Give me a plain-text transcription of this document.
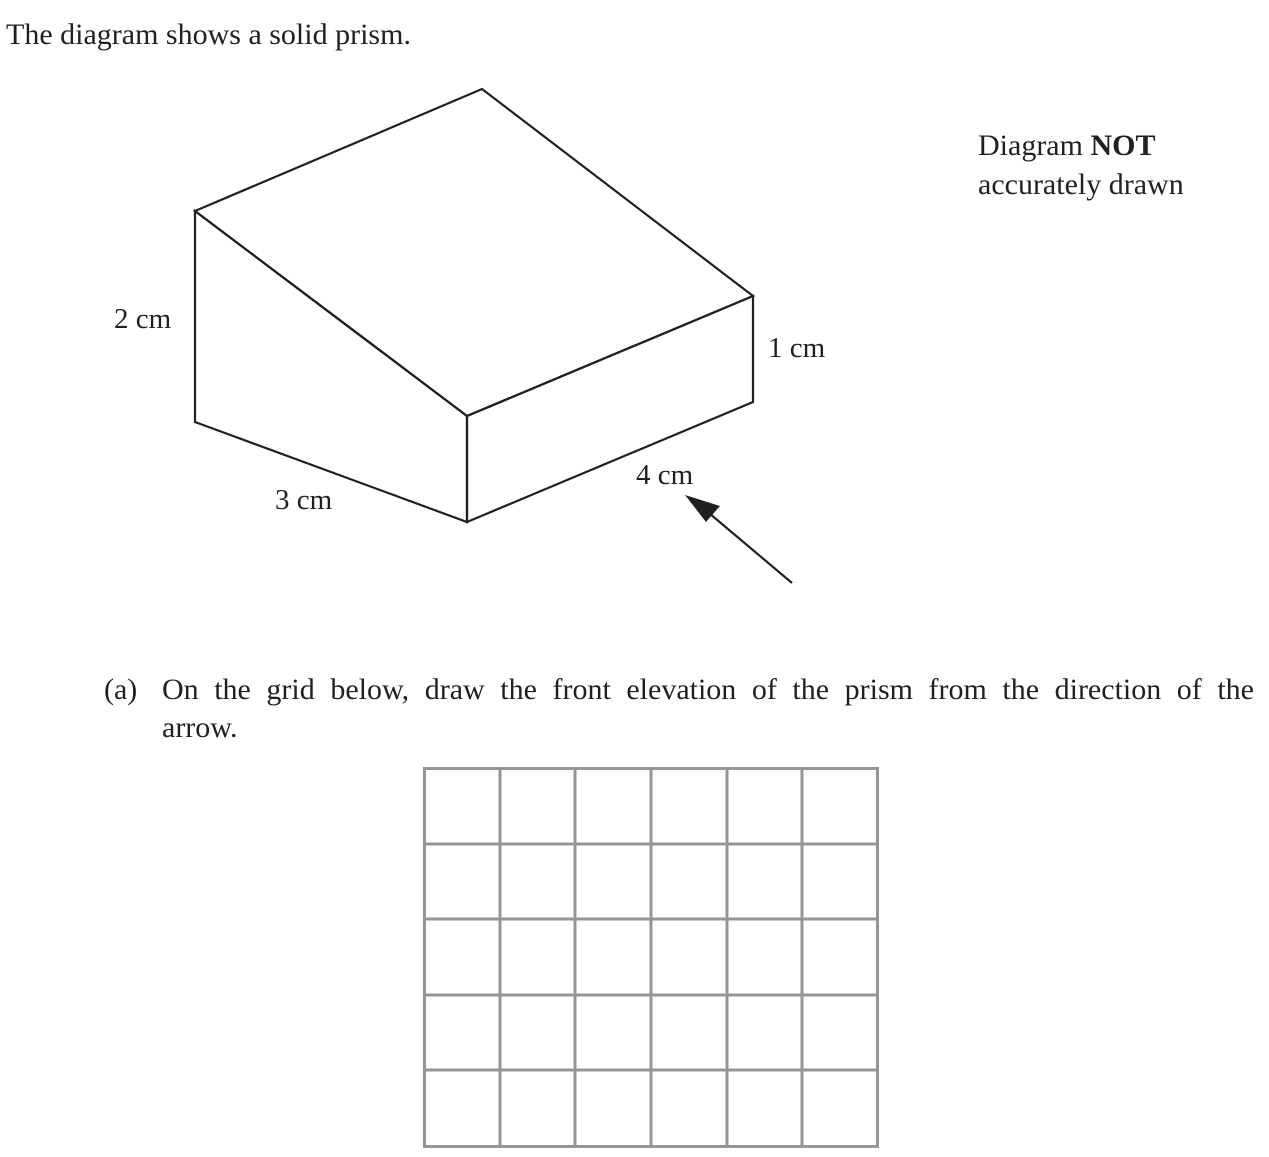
The diagram shows a solid prism.
Diagram NOT
accurately drawn
2 cm
1 cm
3 cm
4 cm
(a) On the grid below, draw the front elevation of the prism from the direction of the
arrow.
